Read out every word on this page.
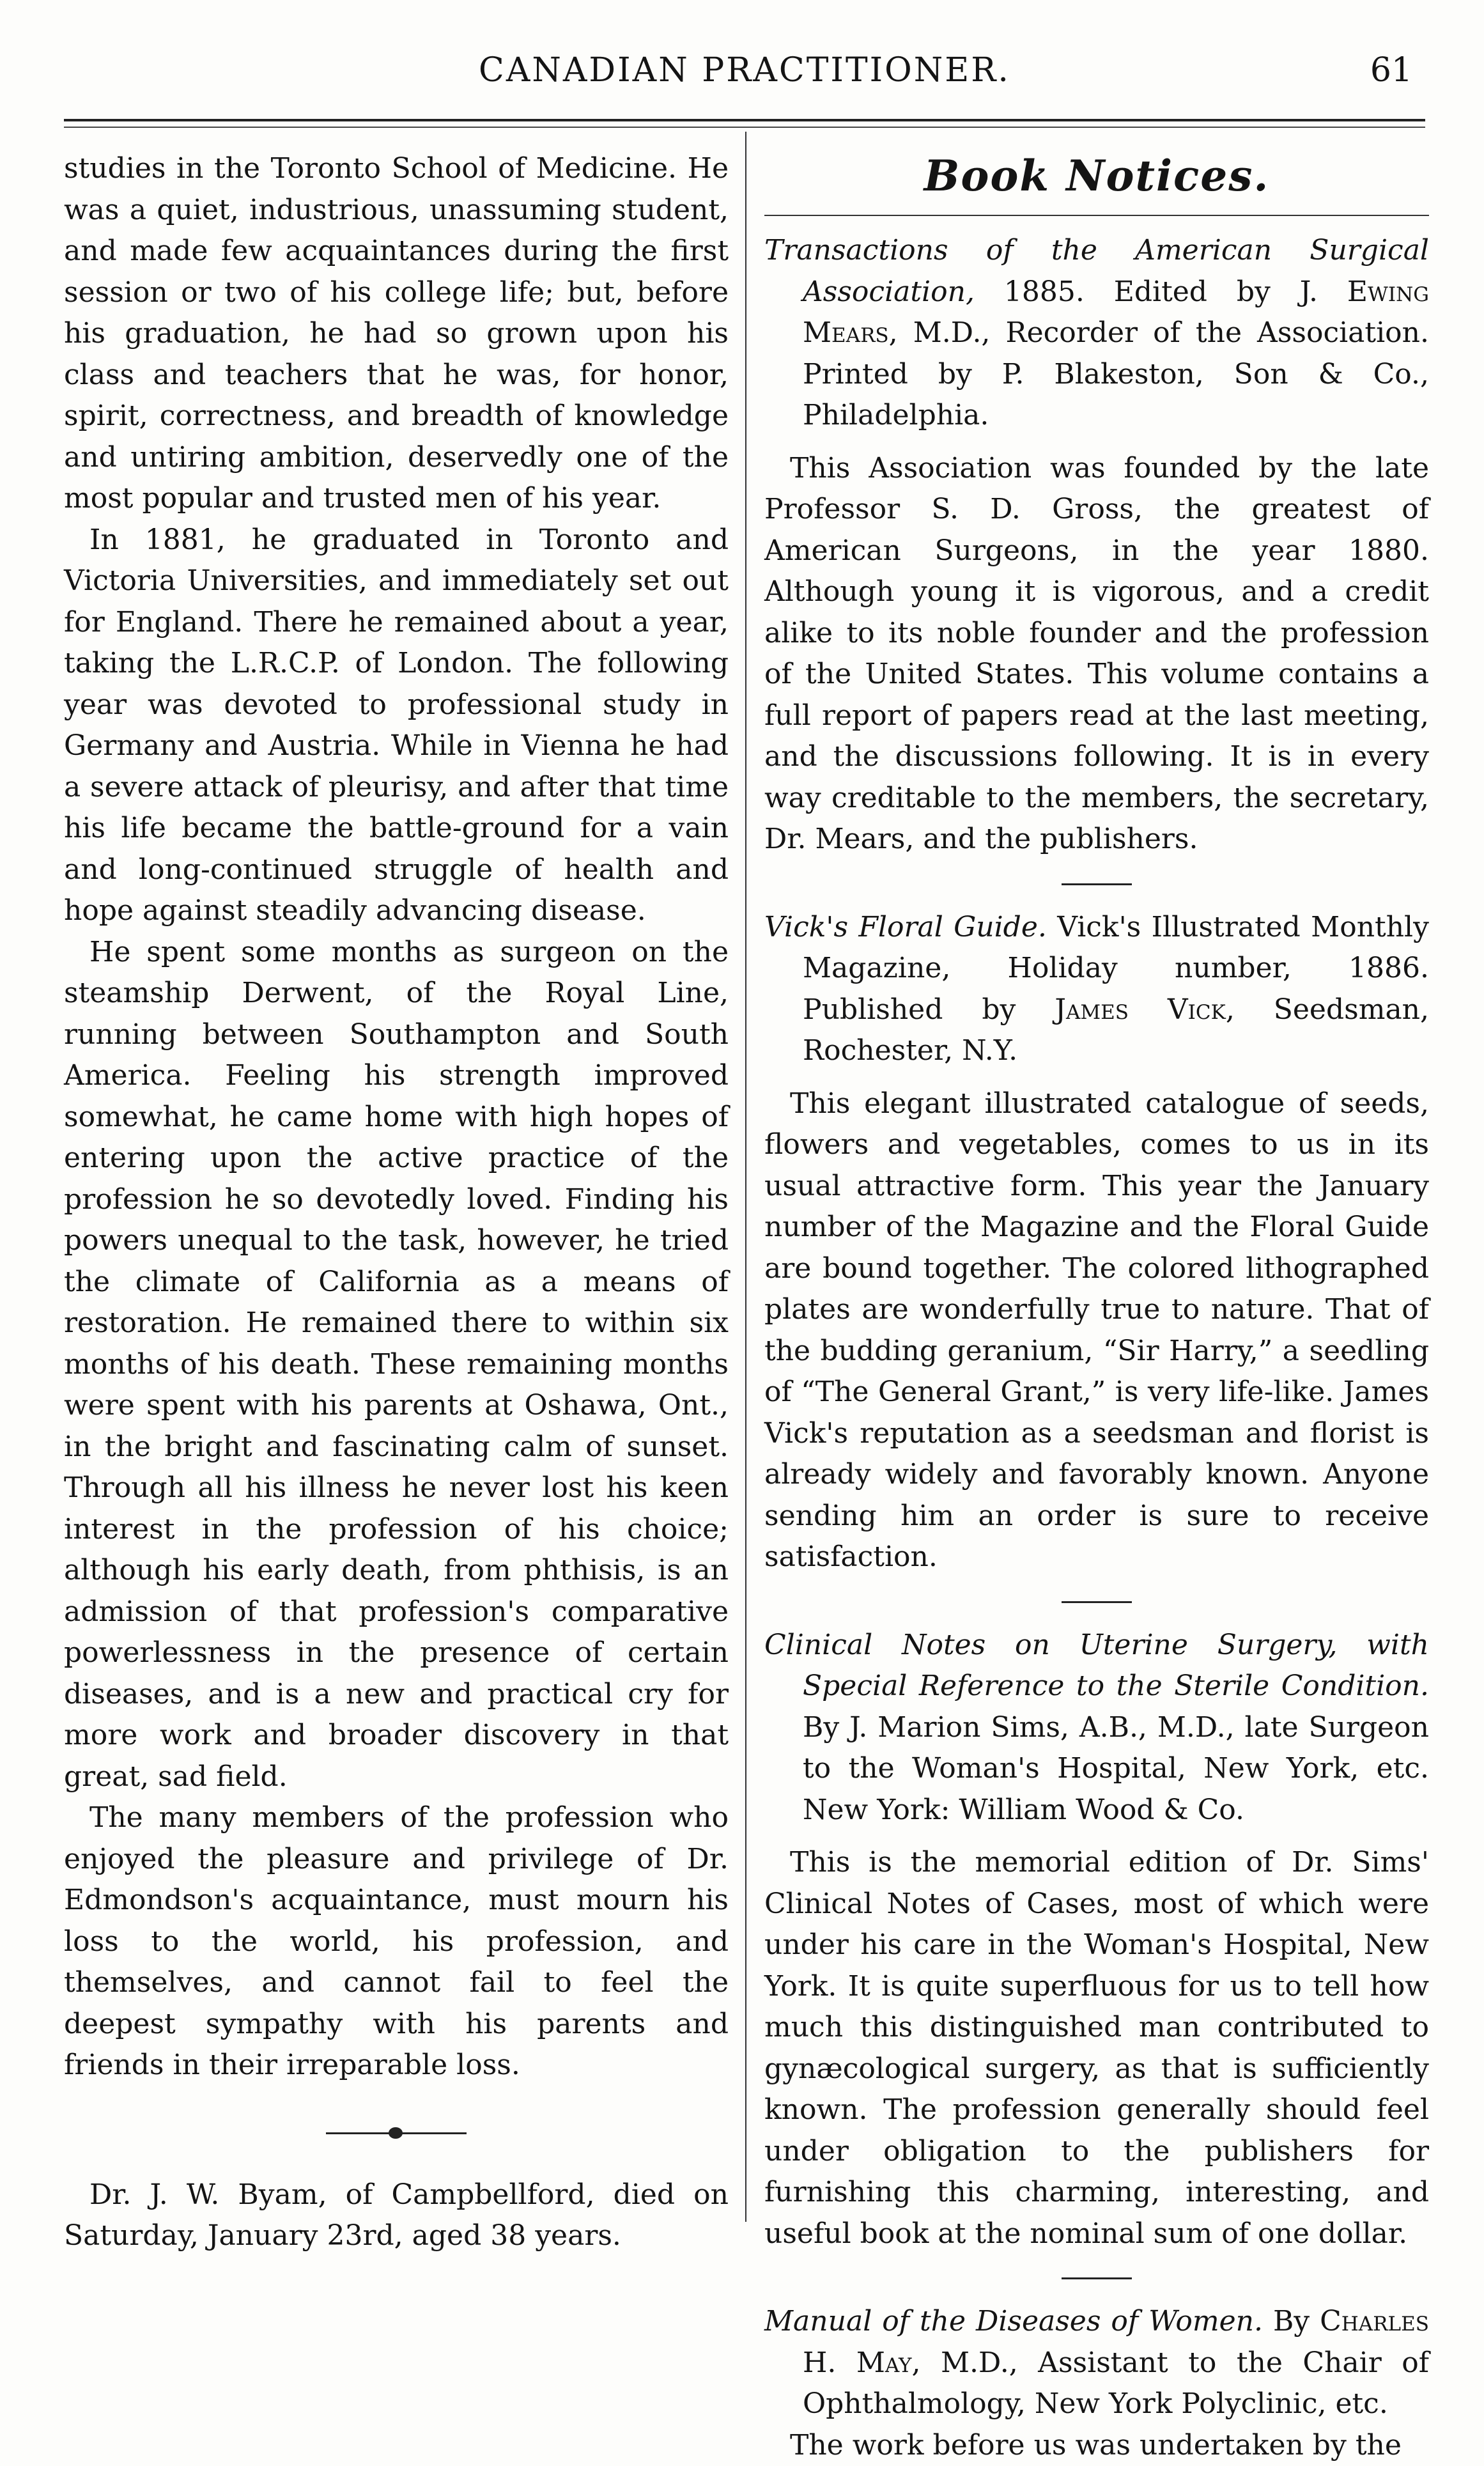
CANADIAN PRACTITIONER.	61

studies in the Toronto School of Medicine. He was a quiet, industrious, unassuming student, and made few acquaintances during the first session or two of his college life; but, before his graduation, he had so grown upon his class and teachers that he was, for honor, spirit, correctness, and breadth of knowledge and untiring ambition, deservedly one of the most popular and trusted men of his year.

In 1881, he graduated in Toronto and Victoria Universities, and immediately set out for England. There he remained about a year, taking the L.R.C.P. of London. The following year was devoted to professional study in Germany and Austria. While in Vienna he had a severe attack of pleurisy, and after that time his life became the battle-ground for a vain and long-continued struggle of health and hope against steadily advancing disease.

He spent some months as surgeon on the steamship Derwent, of the Royal Line, running between Southampton and South America. Feeling his strength improved somewhat, he came home with high hopes of entering upon the active practice of the profession he so devotedly loved. Finding his powers unequal to the task, however, he tried the climate of California as a means of restoration. He remained there to within six months of his death. These remaining months were spent with his parents at Oshawa, Ont., in the bright and fascinating calm of sunset. Through all his illness he never lost his keen interest in the profession of his choice; although his early death, from phthisis, is an admission of that profession's comparative powerlessness in the presence of certain diseases, and is a new and practical cry for more work and broader discovery in that great, sad field.

The many members of the profession who enjoyed the pleasure and privilege of Dr. Edmondson's acquaintance, must mourn his loss to the world, his profession, and themselves, and cannot fail to feel the deepest sympathy with his parents and friends in their irreparable loss.

Dr. J. W. Byam, of Campbellford, died on Saturday, January 23rd, aged 38 years.

Book Notices.

Transactions of the American Surgical Association, 1885. Edited by J. Ewing Mears, M.D., Recorder of the Association. Printed by P. Blakeston, Son & Co., Philadelphia.

This Association was founded by the late Professor S. D. Gross, the greatest of American Surgeons, in the year 1880. Although young it is vigorous, and a credit alike to its noble founder and the profession of the United States. This volume contains a full report of papers read at the last meeting, and the discussions following. It is in every way creditable to the members, the secretary, Dr. Mears, and the publishers.

Vick's Floral Guide. Vick's Illustrated Monthly Magazine, Holiday number, 1886. Published by James Vick, Seedsman, Rochester, N.Y.

This elegant illustrated catalogue of seeds, flowers and vegetables, comes to us in its usual attractive form. This year the January number of the Magazine and the Floral Guide are bound together. The colored lithographed plates are wonderfully true to nature. That of the budding geranium, “Sir Harry,” a seedling of “The General Grant,” is very life-like. James Vick's reputation as a seedsman and florist is already widely and favorably known. Anyone sending him an order is sure to receive satisfaction.

Clinical Notes on Uterine Surgery, with Special Reference to the Sterile Condition. By J. Marion Sims, A.B., M.D., late Surgeon to the Woman's Hospital, New York, etc. New York: William Wood & Co.

This is the memorial edition of Dr. Sims' Clinical Notes of Cases, most of which were under his care in the Woman's Hospital, New York. It is quite superfluous for us to tell how much this distinguished man contributed to gynæcological surgery, as that is sufficiently known. The profession generally should feel under obligation to the publishers for furnishing this charming, interesting, and useful book at the nominal sum of one dollar.

Manual of the Diseases of Women. By Charles H. May, M.D., Assistant to the Chair of Ophthalmology, New York Polyclinic, etc.

The work before us was undertaken by the
